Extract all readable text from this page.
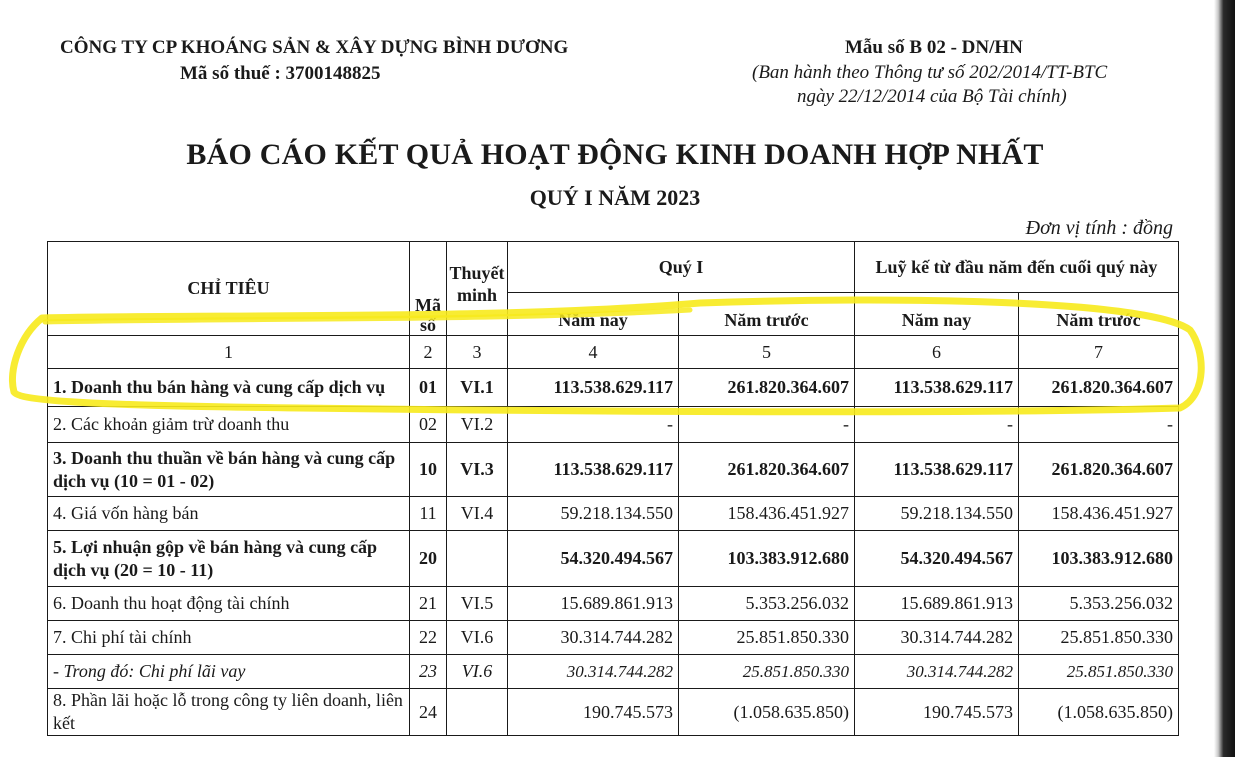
CÔNG TY CP KHOÁNG SẢN & XÂY DỰNG BÌNH DƯƠNG
Mã số thuế : 3700148825
Mẫu số B 02 - DN/HN
(Ban hành theo Thông tư số 202/2014/TT-BTC
ngày 22/12/2014 của Bộ Tài chính)
BÁO CÁO KẾT QUẢ HOẠT ĐỘNG KINH DOANH HỢP NHẤT
QUÝ I NĂM 2023
Đơn vị tính : đồng
CHỈ TIÊU	Mã số	Thuyết minh	Quý I		Luỹ kế từ đầu năm đến cuối quý này	
			Năm nay	Năm trước	Năm nay	Năm trước
1	2	3	4	5	6	7
1. Doanh thu bán hàng và cung cấp dịch vụ	01	VI.1	113.538.629.117	261.820.364.607	113.538.629.117	261.820.364.607
2. Các khoản giảm trừ doanh thu	02	VI.2	-	-	-	-
3. Doanh thu thuần về bán hàng và cung cấp dịch vụ (10 = 01 - 02)	10	VI.3	113.538.629.117	261.820.364.607	113.538.629.117	261.820.364.607
4. Giá vốn hàng bán	11	VI.4	59.218.134.550	158.436.451.927	59.218.134.550	158.436.451.927
5. Lợi nhuận gộp về bán hàng và cung cấp dịch vụ (20 = 10 - 11)	20		54.320.494.567	103.383.912.680	54.320.494.567	103.383.912.680
6. Doanh thu hoạt động tài chính	21	VI.5	15.689.861.913	5.353.256.032	15.689.861.913	5.353.256.032
7. Chi phí tài chính	22	VI.6	30.314.744.282	25.851.850.330	30.314.744.282	25.851.850.330
- Trong đó: Chi phí lãi vay	23	VI.6	30.314.744.282	25.851.850.330	30.314.744.282	25.851.850.330
8. Phần lãi hoặc lỗ trong công ty liên doanh, liên kết	24		190.745.573	(1.058.635.850)	190.745.573	(1.058.635.850)
